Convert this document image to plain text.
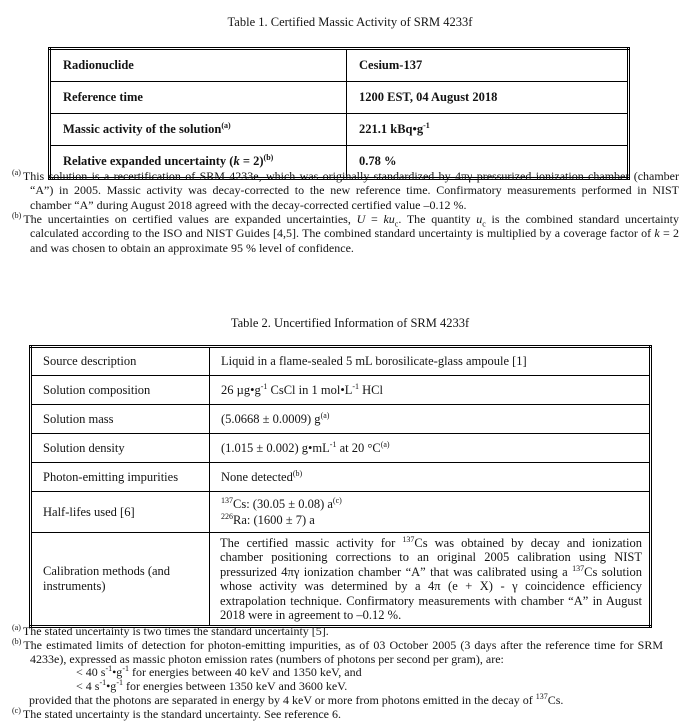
Table 1. Certified Massic Activity of SRM 4233f
Radionuclide	Cesium-137
Reference time	1200 EST, 04 August 2018
Massic activity of the solution$^{(a)}$	221.1 $kBq•g^{-1}$
Relative expanded uncertainty (k = 2)$^{(b)}$	0.78 %
$^{(a)}$ This solution is a recertification of SRM 4233e, which was originally standardized by 4πγ pressurized ionization chamber (chamber “A”) in 2005. Massic activity was decay-corrected to the new reference time. Confirmatory measurements performed in NIST chamber “A” during August 2018 agreed with the decay-corrected certified value –0.12 %.
$^{(b)}$ The uncertainties on certified values are expanded uncertainties, $U = ku_c$. The quantity $u_c$ is the combined standard uncertainty calculated according to the ISO and NIST Guides [4,5]. The combined standard uncertainty is multiplied by a coverage factor of k = 2 and was chosen to obtain an approximate 95 % level of confidence.
Table 2. Uncertified Information of SRM 4233f
Source description	Liquid in a flame-sealed 5 mL borosilicate-glass ampoule [1]
Solution composition	26 $\mu g•g^{-1}$ CsCl in 1 $mol•L^{-1}$ HCl
Solution mass	(5.0668 ± 0.0009) $g^{(a)}$
Solution density	(1.015 ± 0.002) $g•mL^{-1}$ at 20 $^\circ C^{(a)}$
Photon-emitting impurities	None detected$^{(b)}$
Half-lifes used [6]	$^{137}$Cs: (30.05 ± 0.08) $a^{(c)}$
$^{226}$Ra: (1600 ± 7) a
Calibration methods (and instruments)	The certified massic activity for $^{137}$Cs was obtained by decay and ionization chamber positioning corrections to an original 2005 calibration using NIST pressurized 4πγ ionization chamber “A” that was calibrated using a $^{137}$Cs solution whose activity was determined by a 4π (e + X) - γ coincidence efficiency extrapolation technique. Confirmatory measurements with chamber “A” in August 2018 were in agreement to –0.12 %.
$^{(a)}$ The stated uncertainty is two times the standard uncertainty [5].
$^{(b)}$ The estimated limits of detection for photon-emitting impurities, as of 03 October 2005 (3 days after the reference time for SRM 4233e), expressed as massic photon emission rates (numbers of photons per second per gram), are:
< 40 $s^{-1}•g^{-1}$ for energies between 40 keV and 1350 keV, and
< 4 $s^{-1}•g^{-1}$ for energies between 1350 keV and 3600 keV.
provided that the photons are separated in energy by 4 keV or more from photons emitted in the decay of $^{137}$Cs.
$^{(c)}$ The stated uncertainty is the standard uncertainty. See reference 6.
